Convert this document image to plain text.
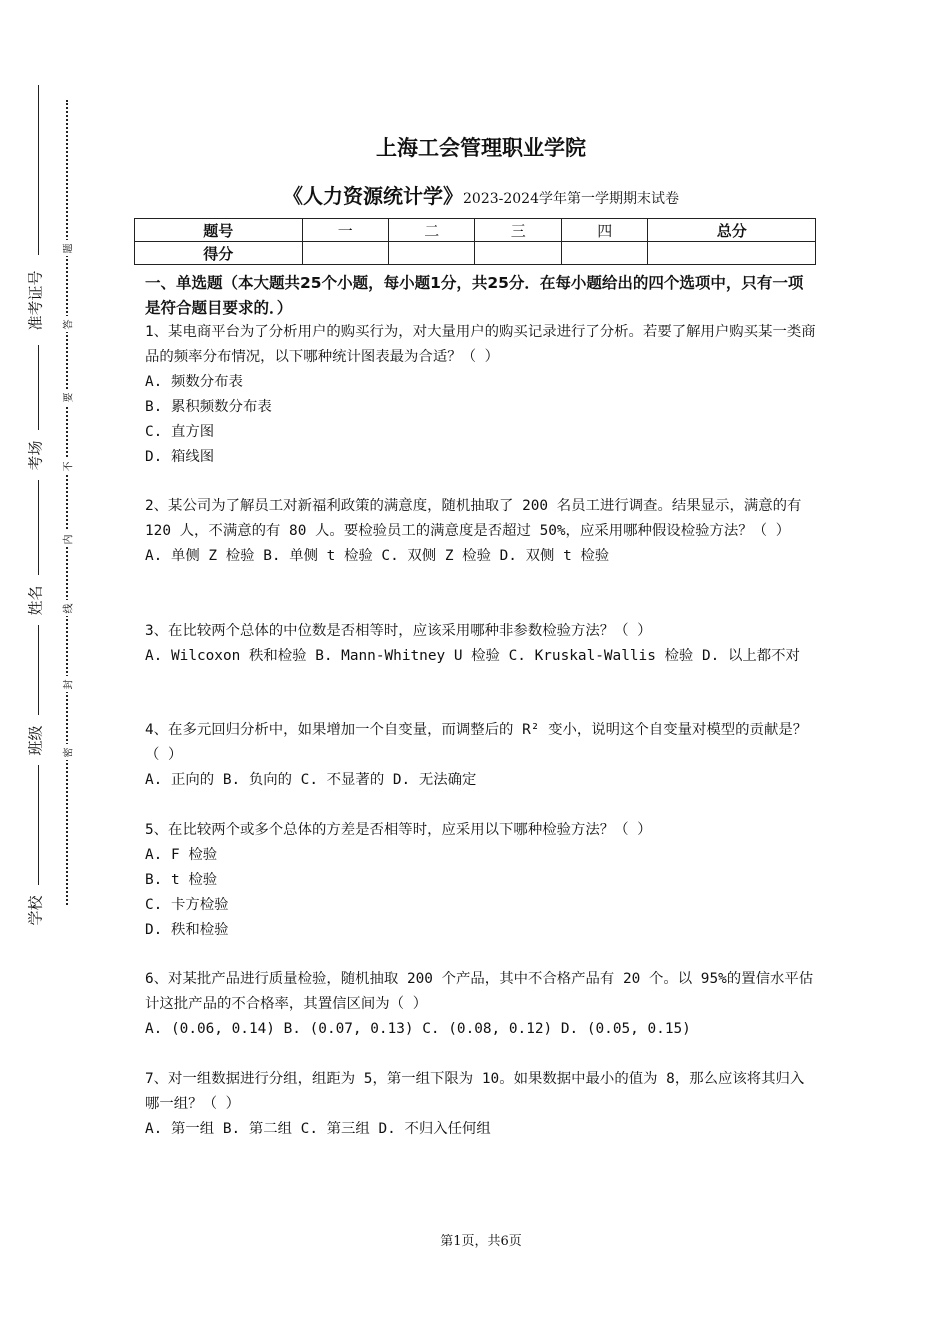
准考证号
考场
姓名
班级
学校
题
答
要
不
内
线
封
密
上海工会管理职业学院
《人力资源统计学》2023-2024学年第一学期期末试卷
题号	一	二	三	四	总分
得分					
一、单选题（本大题共25个小题，每小题1分，共25分．在每小题给出的四个选项中，只有一项是符合题目要求的．）
1、某电商平台为了分析用户的购买行为，对大量用户的购买记录进行了分析。若要了解用户购买某一类商品的频率分布情况，以下哪种统计图表最为合适？（ ）
A. 频数分布表
B. 累积频数分布表
C. 直方图
D. 箱线图
2、某公司为了解员工对新福利政策的满意度，随机抽取了 200 名员工进行调查。结果显示，满意的有 120 人，不满意的有 80 人。要检验员工的满意度是否超过 50%，应采用哪种假设检验方法？（ ）
A. 单侧 Z 检验 B. 单侧 t 检验 C. 双侧 Z 检验 D. 双侧 t 检验
3、在比较两个总体的中位数是否相等时，应该采用哪种非参数检验方法？（ ）
A. Wilcoxon 秩和检验 B. Mann-Whitney U 检验 C. Kruskal-Wallis 检验 D. 以上都不对
4、在多元回归分析中，如果增加一个自变量，而调整后的 R² 变小，说明这个自变量对模型的贡献是？（ ）
A. 正向的 B. 负向的 C. 不显著的 D. 无法确定
5、在比较两个或多个总体的方差是否相等时，应采用以下哪种检验方法？（ ）
A. F 检验
B. t 检验
C. 卡方检验
D. 秩和检验
6、对某批产品进行质量检验，随机抽取 200 个产品，其中不合格产品有 20 个。以 95%的置信水平估计这批产品的不合格率，其置信区间为（ ）
A. (0.06, 0.14) B. (0.07, 0.13) C. (0.08, 0.12) D. (0.05, 0.15)
7、对一组数据进行分组，组距为 5，第一组下限为 10。如果数据中最小的值为 8，那么应该将其归入哪一组？（ ）
A. 第一组 B. 第二组 C. 第三组 D. 不归入任何组
第1页，共6页
